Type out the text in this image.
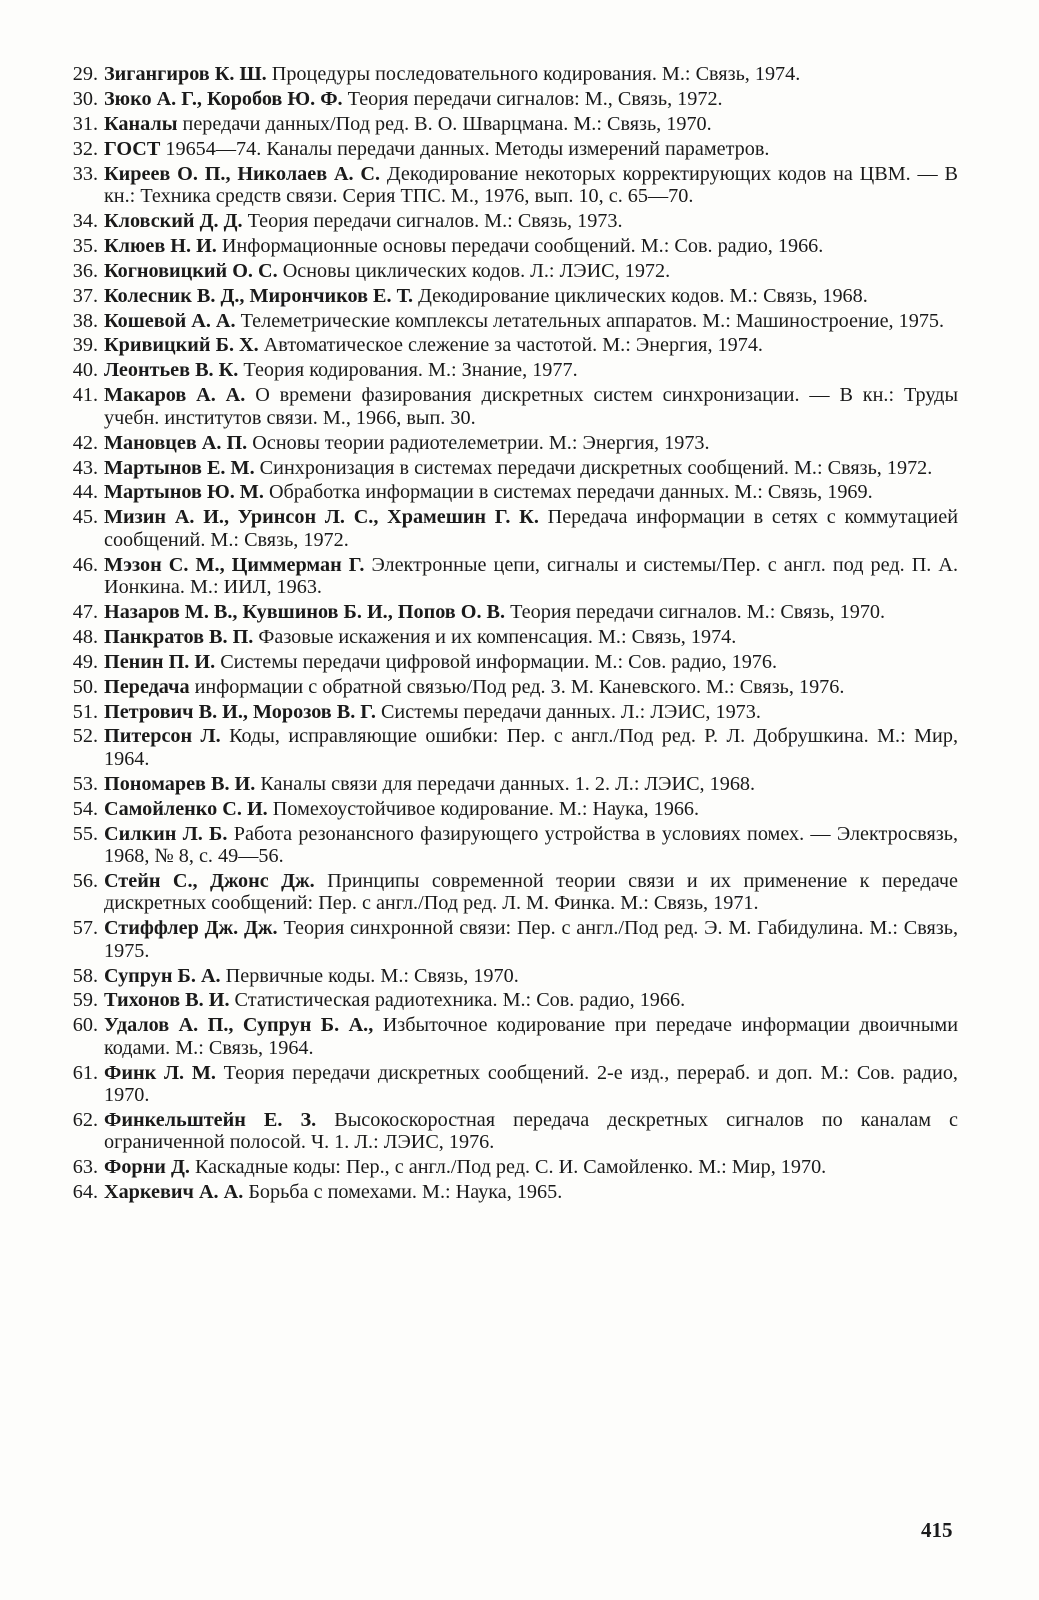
29. Зигангиров К. Ш. Процедуры последовательного кодирования. М.: Связь, 1974.
30. Зюко А. Г., Коробов Ю. Ф. Теория передачи сигналов: М., Связь, 1972.
31. Каналы передачи данных/Под ред. В. О. Шварцмана. М.: Связь, 1970.
32. ГОСТ 19654—74. Каналы передачи данных. Методы измерений параметров.
33. Киреев О. П., Николаев А. С. Декодирование некоторых корректирующих кодов на ЦВМ. — В кн.: Техника средств связи. Серия ТПС. М., 1976, вып. 10, с. 65—70.
34. Кловский Д. Д. Теория передачи сигналов. М.: Связь, 1973.
35. Клюев Н. И. Информационные основы передачи сообщений. М.: Сов. радио, 1966.
36. Когновицкий О. С. Основы циклических кодов. Л.: ЛЭИС, 1972.
37. Колесник В. Д., Мирончиков Е. Т. Декодирование циклических кодов. М.: Связь, 1968.
38. Кошевой А. А. Телеметрические комплексы летательных аппаратов. М.: Машиностроение, 1975.
39. Кривицкий Б. Х. Автоматическое слежение за частотой. М.: Энергия, 1974.
40. Леонтьев В. К. Теория кодирования. М.: Знание, 1977.
41. Макаров А. А. О времени фазирования дискретных систем синхронизации. — В кн.: Труды учебн. институтов связи. М., 1966, вып. 30.
42. Мановцев А. П. Основы теории радиотелеметрии. М.: Энергия, 1973.
43. Мартынов Е. М. Синхронизация в системах передачи дискретных сообщений. М.: Связь, 1972.
44. Мартынов Ю. М. Обработка информации в системах передачи данных. М.: Связь, 1969.
45. Мизин А. И., Уринсон Л. С., Храмешин Г. К. Передача информации в сетях с коммутацией сообщений. М.: Связь, 1972.
46. Мэзон С. М., Циммерман Г. Электронные цепи, сигналы и системы/Пер. с англ. под ред. П. А. Ионкина. М.: ИИЛ, 1963.
47. Назаров М. В., Кувшинов Б. И., Попов О. В. Теория передачи сигналов. М.: Связь, 1970.
48. Панкратов В. П. Фазовые искажения и их компенсация. М.: Связь, 1974.
49. Пенин П. И. Системы передачи цифровой информации. М.: Сов. радио, 1976.
50. Передача информации с обратной связью/Под ред. З. М. Каневского. М.: Связь, 1976.
51. Петрович В. И., Морозов В. Г. Системы передачи данных. Л.: ЛЭИС, 1973.
52. Питерсон Л. Коды, исправляющие ошибки: Пер. с англ./Под ред. Р. Л. Добрушкина. М.: Мир, 1964.
53. Пономарев В. И. Каналы связи для передачи данных. 1. 2. Л.: ЛЭИС, 1968.
54. Самойленко С. И. Помехоустойчивое кодирование. М.: Наука, 1966.
55. Силкин Л. Б. Работа резонансного фазирующего устройства в условиях помех. — Электросвязь, 1968, № 8, с. 49—56.
56. Стейн С., Джонс Дж. Принципы современной теории связи и их применение к передаче дискретных сообщений: Пер. с англ./Под ред. Л. М. Финка. М.: Связь, 1971.
57. Стиффлер Дж. Дж. Теория синхронной связи: Пер. с англ./Под ред. Э. М. Габидулина. М.: Связь, 1975.
58. Супрун Б. А. Первичные коды. М.: Связь, 1970.
59. Тихонов В. И. Статистическая радиотехника. М.: Сов. радио, 1966.
60. Удалов А. П., Супрун Б. А., Избыточное кодирование при передаче информации двоичными кодами. М.: Связь, 1964.
61. Финк Л. М. Теория передачи дискретных сообщений. 2-е изд., перераб. и доп. М.: Сов. радио, 1970.
62. Финкельштейн Е. З. Высокоскоростная передача дескретных сигналов по каналам с ограниченной полосой. Ч. 1. Л.: ЛЭИС, 1976.
63. Форни Д. Каскадные коды: Пер., с англ./Под ред. С. И. Самойленко. М.: Мир, 1970.
64. Харкевич А. А. Борьба с помехами. М.: Наука, 1965.
415
